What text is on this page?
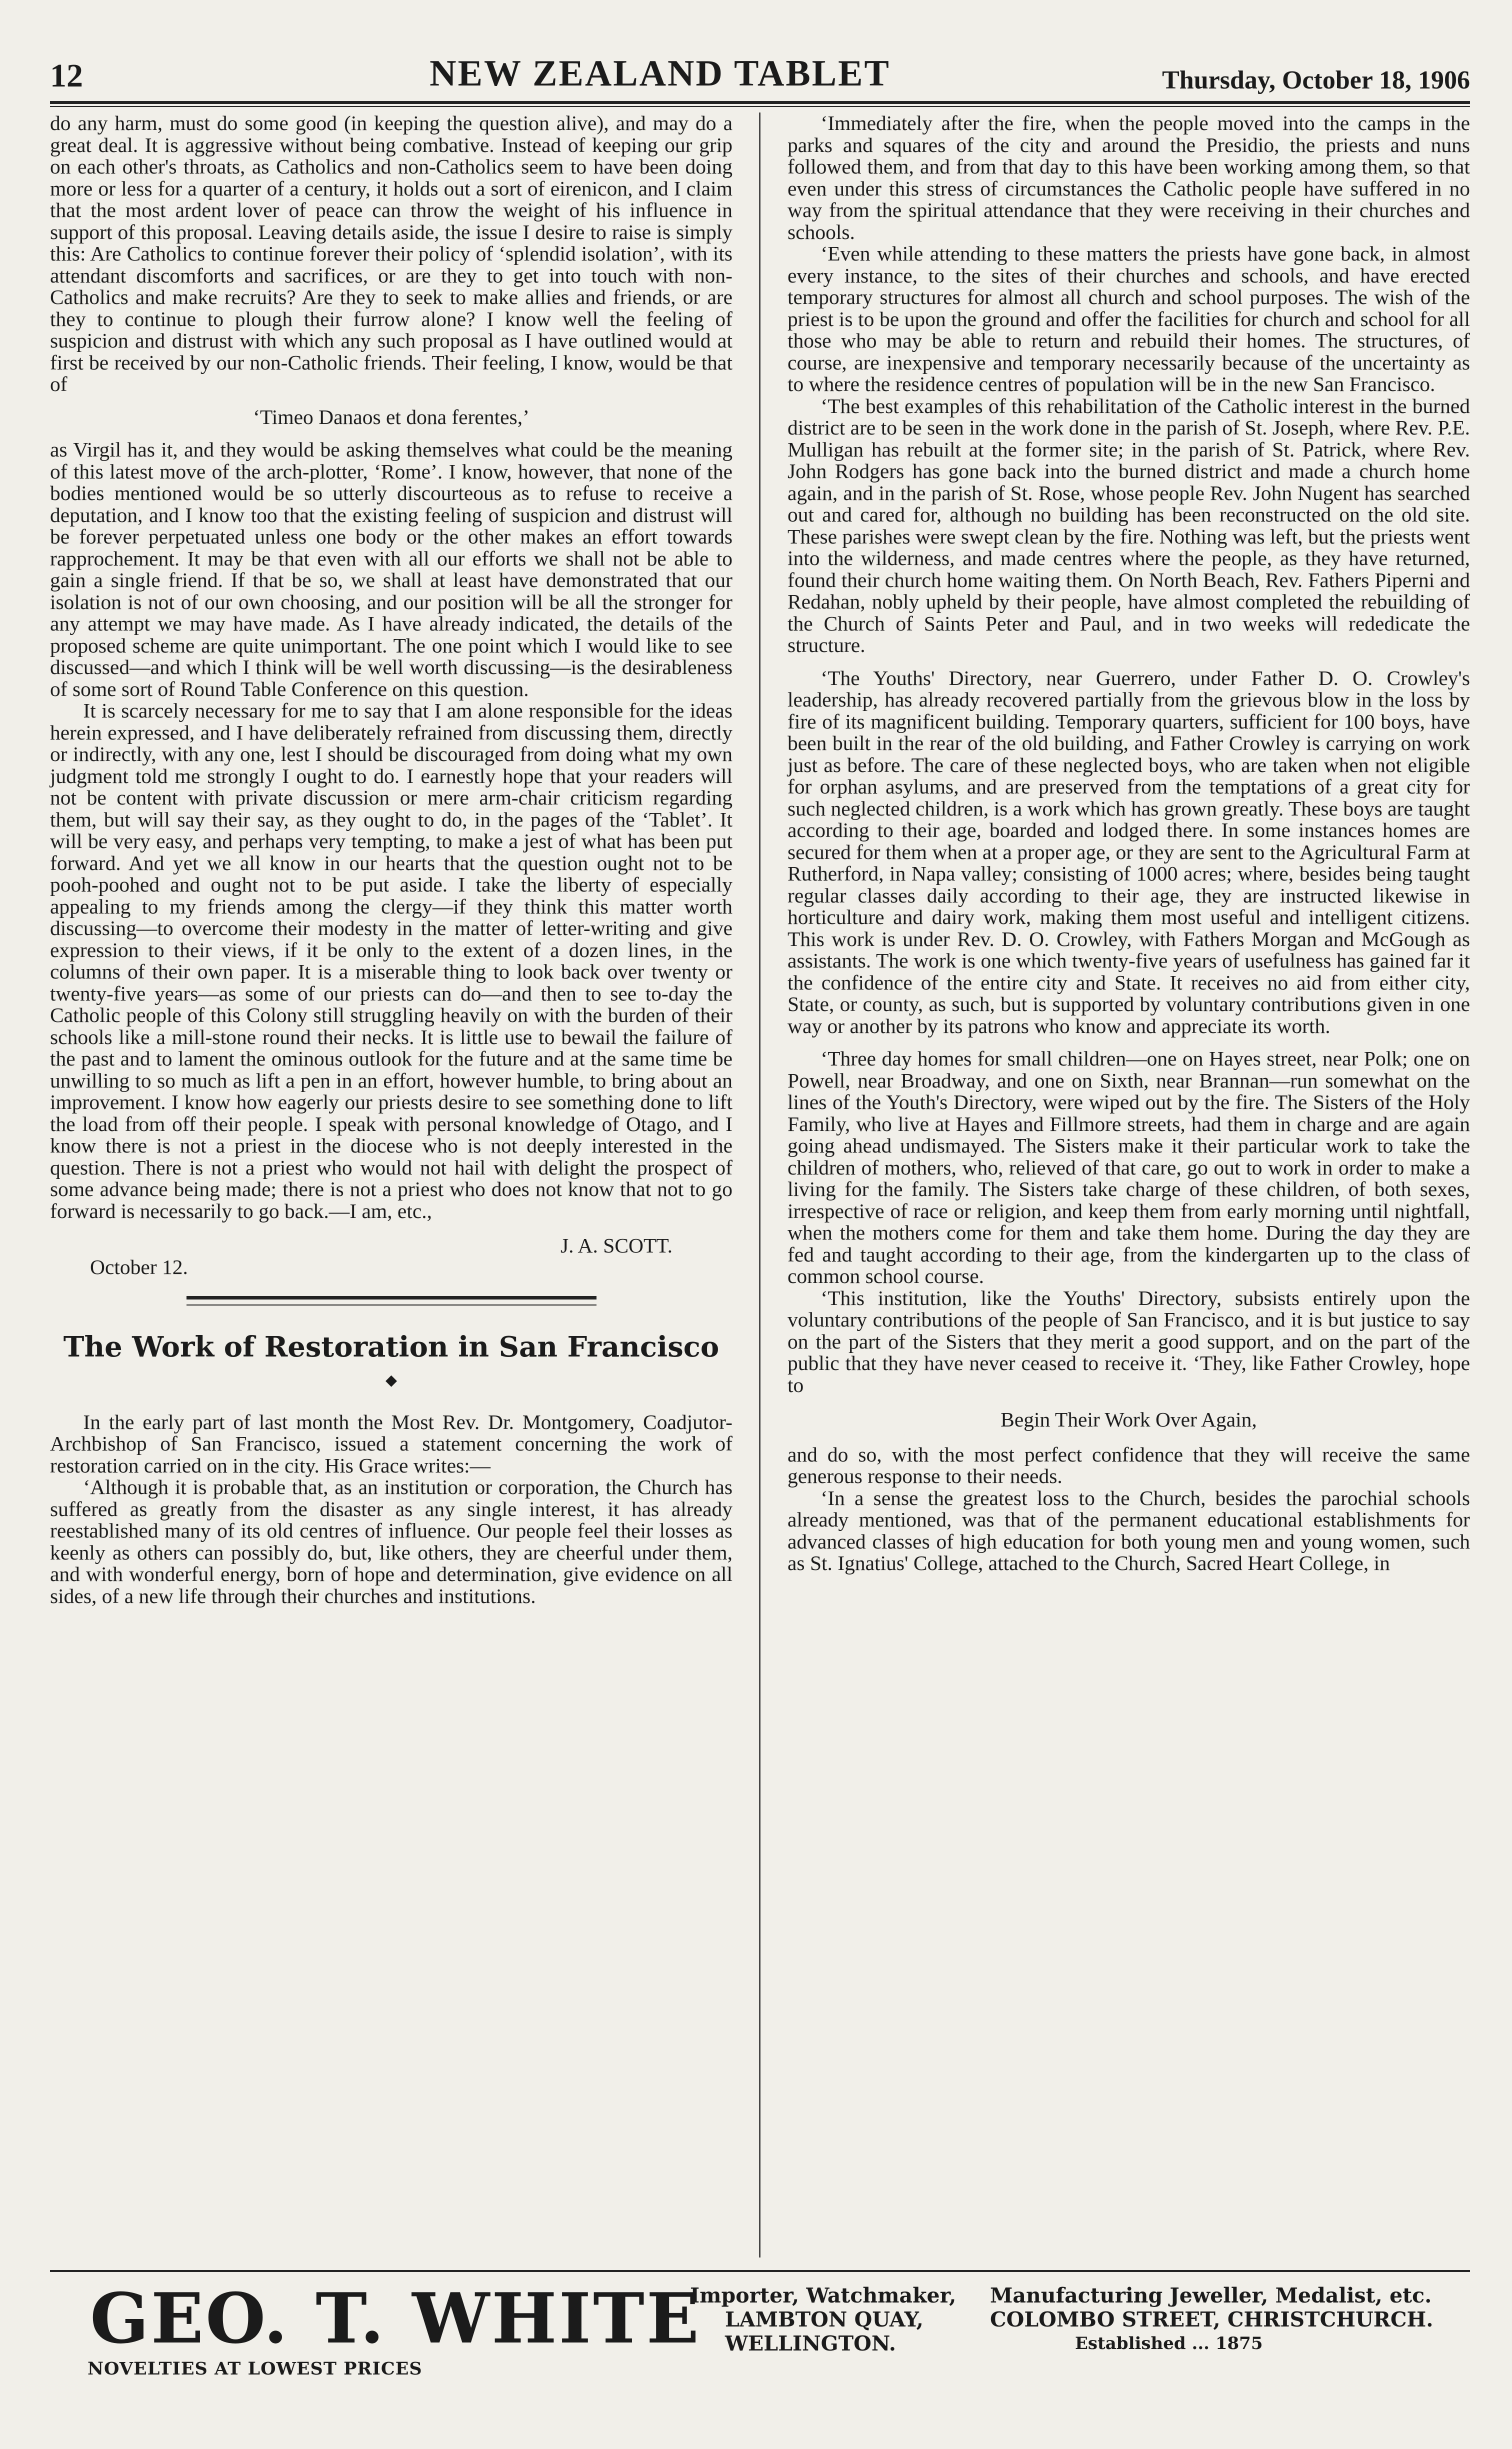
12	NEW ZEALAND TABLET	Thursday, October 18, 1906

do any harm, must do some good (in keeping the question alive), and may do a great deal. It is aggressive without being combative. Instead of keeping our grip on each other's throats, as Catholics and non-Catholics seem to have been doing more or less for a quarter of a century, it holds out a sort of eirenicon, and I claim that the most ardent lover of peace can throw the weight of his influence in support of this proposal. Leaving details aside, the issue I desire to raise is simply this: Are Catholics to continue forever their policy of ‘splendid isolation’, with its attendant discomforts and sacrifices, or are they to get into touch with non-Catholics and make recruits? Are they to seek to make allies and friends, or are they to continue to plough their furrow alone? I know well the feeling of suspicion and distrust with which any such proposal as I have outlined would at first be received by our non-Catholic friends. Their feeling, I know, would be that of

‘Timeo Danaos et dona ferentes,’

as Virgil has it, and they would be asking themselves what could be the meaning of this latest move of the arch-plotter, ‘Rome’. I know, however, that none of the bodies mentioned would be so utterly discourteous as to refuse to receive a deputation, and I know too that the existing feeling of suspicion and distrust will be forever perpetuated unless one body or the other makes an effort towards rapprochement. It may be that even with all our efforts we shall not be able to gain a single friend. If that be so, we shall at least have demonstrated that our isolation is not of our own choosing, and our position will be all the stronger for any attempt we may have made. As I have already indicated, the details of the proposed scheme are quite unimportant. The one point which I would like to see discussed—and which I think will be well worth discussing—is the desirableness of some sort of Round Table Conference on this question.

It is scarcely necessary for me to say that I am alone responsible for the ideas herein expressed, and I have deliberately refrained from discussing them, directly or indirectly, with any one, lest I should be discouraged from doing what my own judgment told me strongly I ought to do. I earnestly hope that your readers will not be content with private discussion or mere arm-chair criticism regarding them, but will say their say, as they ought to do, in the pages of the ‘Tablet’. It will be very easy, and perhaps very tempting, to make a jest of what has been put forward. And yet we all know in our hearts that the question ought not to be pooh-poohed and ought not to be put aside. I take the liberty of especially appealing to my friends among the clergy—if they think this matter worth discussing—to overcome their modesty in the matter of letter-writing and give expression to their views, if it be only to the extent of a dozen lines, in the columns of their own paper. It is a miserable thing to look back over twenty or twenty-five years—as some of our priests can do—and then to see to-day the Catholic people of this Colony still struggling heavily on with the burden of their schools like a mill-stone round their necks. It is little use to bewail the failure of the past and to lament the ominous outlook for the future and at the same time be unwilling to so much as lift a pen in an effort, however humble, to bring about an improvement. I know how eagerly our priests desire to see something done to lift the load from off their people. I speak with personal knowledge of Otago, and I know there is not a priest in the diocese who is not deeply interested in the question. There is not a priest who would not hail with delight the prospect of some advance being made; there is not a priest who does not know that not to go forward is necessarily to go back.—I am, etc.,

October 12.
J. A. SCOTT.

The Work of Restoration in San Francisco

◆

In the early part of last month the Most Rev. Dr. Montgomery, Coadjutor-Archbishop of San Francisco, issued a statement concerning the work of restoration carried on in the city. His Grace writes:—

‘Although it is probable that, as an institution or corporation, the Church has suffered as greatly from the disaster as any single interest, it has already reestablished many of its old centres of influence. Our people feel their losses as keenly as others can possibly do, but, like others, they are cheerful under them, and with wonderful energy, born of hope and determination, give evidence on all sides, of a new life through their churches and institutions.

‘Immediately after the fire, when the people moved into the camps in the parks and squares of the city and around the Presidio, the priests and nuns followed them, and from that day to this have been working among them, so that even under this stress of circumstances the Catholic people have suffered in no way from the spiritual attendance that they were receiving in their churches and schools.

‘Even while attending to these matters the priests have gone back, in almost every instance, to the sites of their churches and schools, and have erected temporary structures for almost all church and school purposes. The wish of the priest is to be upon the ground and offer the facilities for church and school for all those who may be able to return and rebuild their homes. The structures, of course, are inexpensive and temporary necessarily because of the uncertainty as to where the residence centres of population will be in the new San Francisco.

‘The best examples of this rehabilitation of the Catholic interest in the burned district are to be seen in the work done in the parish of St. Joseph, where Rev. P.E. Mulligan has rebuilt at the former site; in the parish of St. Patrick, where Rev. John Rodgers has gone back into the burned district and made a church home again, and in the parish of St. Rose, whose people Rev. John Nugent has searched out and cared for, although no building has been reconstructed on the old site. These parishes were swept clean by the fire. Nothing was left, but the priests went into the wilderness, and made centres where the people, as they have returned, found their church home waiting them. On North Beach, Rev. Fathers Piperni and Redahan, nobly upheld by their people, have almost completed the rebuilding of the Church of Saints Peter and Paul, and in two weeks will rededicate the structure.

‘The Youths' Directory, near Guerrero, under Father D. O. Crowley's leadership, has already recovered partially from the grievous blow in the loss by fire of its magnificent building. Temporary quarters, sufficient for 100 boys, have been built in the rear of the old building, and Father Crowley is carrying on work just as before. The care of these neglected boys, who are taken when not eligible for orphan asylums, and are preserved from the temptations of a great city for such neglected children, is a work which has grown greatly. These boys are taught according to their age, boarded and lodged there. In some instances homes are secured for them when at a proper age, or they are sent to the Agricultural Farm at Rutherford, in Napa valley; consisting of 1000 acres; where, besides being taught regular classes daily according to their age, they are instructed likewise in horticulture and dairy work, making them most useful and intelligent citizens. This work is under Rev. D. O. Crowley, with Fathers Morgan and McGough as assistants. The work is one which twenty-five years of usefulness has gained far it the confidence of the entire city and State. It receives no aid from either city, State, or county, as such, but is supported by voluntary contributions given in one way or another by its patrons who know and appreciate its worth.

‘Three day homes for small children—one on Hayes street, near Polk; one on Powell, near Broadway, and one on Sixth, near Brannan—run somewhat on the lines of the Youth's Directory, were wiped out by the fire. The Sisters of the Holy Family, who live at Hayes and Fillmore streets, had them in charge and are again going ahead undismayed. The Sisters make it their particular work to take the children of mothers, who, relieved of that care, go out to work in order to make a living for the family. The Sisters take charge of these children, of both sexes, irrespective of race or religion, and keep them from early morning until nightfall, when the mothers come for them and take them home. During the day they are fed and taught according to their age, from the kindergarten up to the class of common school course.

‘This institution, like the Youths' Directory, subsists entirely upon the voluntary contributions of the people of San Francisco, and it is but justice to say on the part of the Sisters that they merit a good support, and on the part of the public that they have never ceased to receive it. ‘They, like Father Crowley, hope to

Begin Their Work Over Again,

and do so, with the most perfect confidence that they will receive the same generous response to their needs.

‘In a sense the greatest loss to the Church, besides the parochial schools already mentioned, was that of the permanent educational establishments for advanced classes of high education for both young men and young women, such as St. Ignatius' College, attached to the Church, Sacred Heart College, in

GEO. T. WHITE
NOVELTIES AT LOWEST PRICES
Importer, Watchmaker,	Manufacturing Jeweller, Medalist, etc.
LAMBTON QUAY,	COLOMBO STREET, CHRISTCHURCH.
WELLINGTON.	Established ... 1875
